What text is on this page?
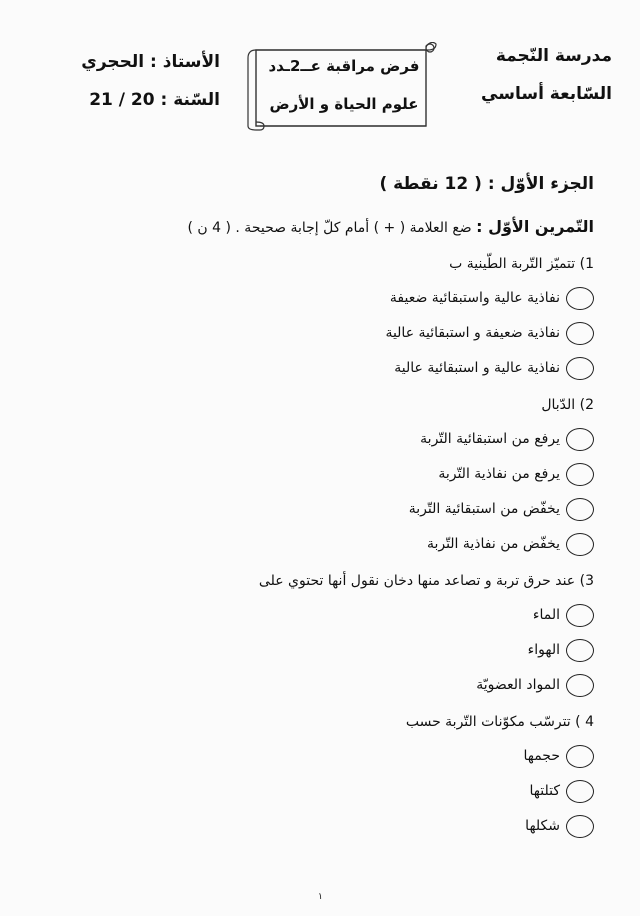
مدرسة النّجمة
السّابعة أساسي
فرض مراقبة عــ2ـدد
علوم الحياة و الأرض
الأستاذ : الحجري
السّنة : 20 / 21
الجزء الأوّل : ( 12 نقطة )
التّمرين الأوّل : ضع العلامة ( + ) أمام كلّ إجابة صحيحة . ( 4 ن )
1) تتميّز التّربة الطّينية ب
نفاذية عالية واستبقائية ضعيفة
نفاذية ضعيفة و استبقائية عالية
نفاذية عالية و استبقائية عالية
2) الدّبال
يرفع من استبقائية التّربة
يرفع من نفاذية التّربة
يخفّض من استبقائية التّربة
يخفّض من نفاذية التّربة
3) عند حرق تربة و تصاعد منها دخان نقول أنها تحتوي على
الماء
الهواء
المواد العضويّة
4 ) تترسّب مكوّنات التّربة حسب
حجمها
كتلتها
شكلها
١
